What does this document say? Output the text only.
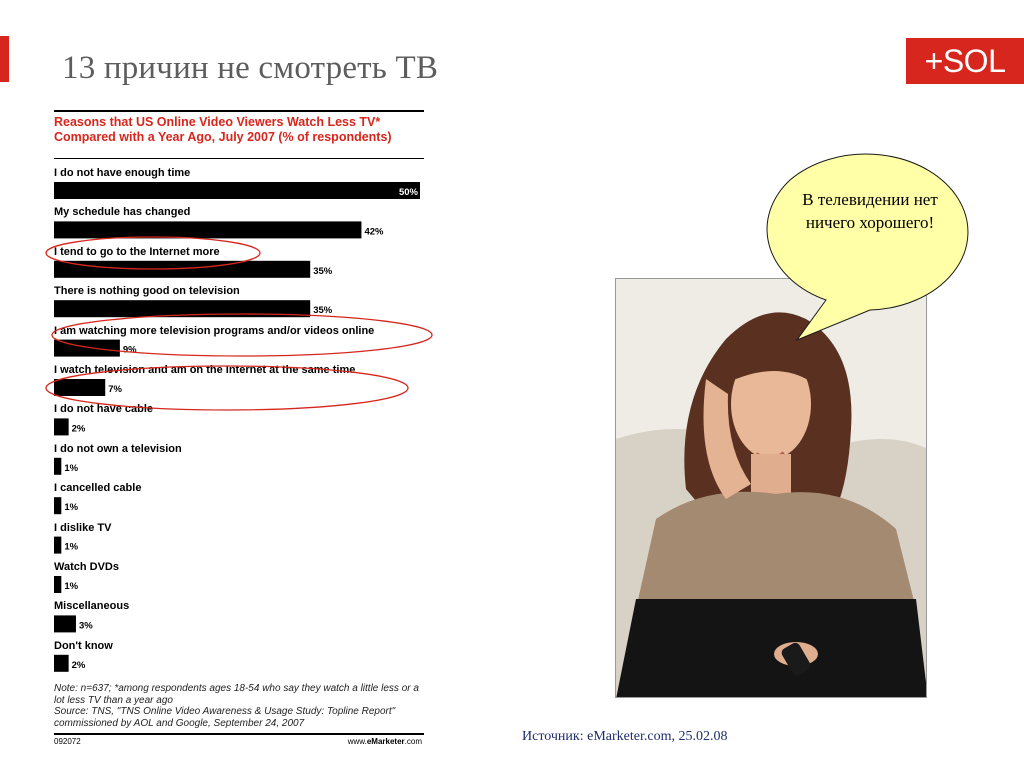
13 причин не смотреть ТВ	+SOL
Reasons that US Online Video Viewers Watch Less TV* Compared with a Year Ago, July 2007 (% of respondents)
I do not have enough time
My schedule has changed
I tend to go to the Internet more
There is nothing good on television
I am watching more television programs and/or videos online
I watch television and am on the Internet at the same time
I do not have cable
I do not own a television
I cancelled cable
I dislike TV
Watch DVDs
Miscellaneous
Don't know
50%
42%
35%
35%
9%
7%
2%
1%
1%
1%
1%
3%
2%
Note: n=637; *among respondents ages 18-54 who say they watch a little less or a lot less TV than a year ago
Source: TNS, "TNS Online Video Awareness & Usage Study: Topline Report" commissioned by AOL and Google, September 24, 2007
092072	www.eMarketer.com
В телевидении нет ничего хорошего!
Источник: eMarketer.com, 25.02.08
